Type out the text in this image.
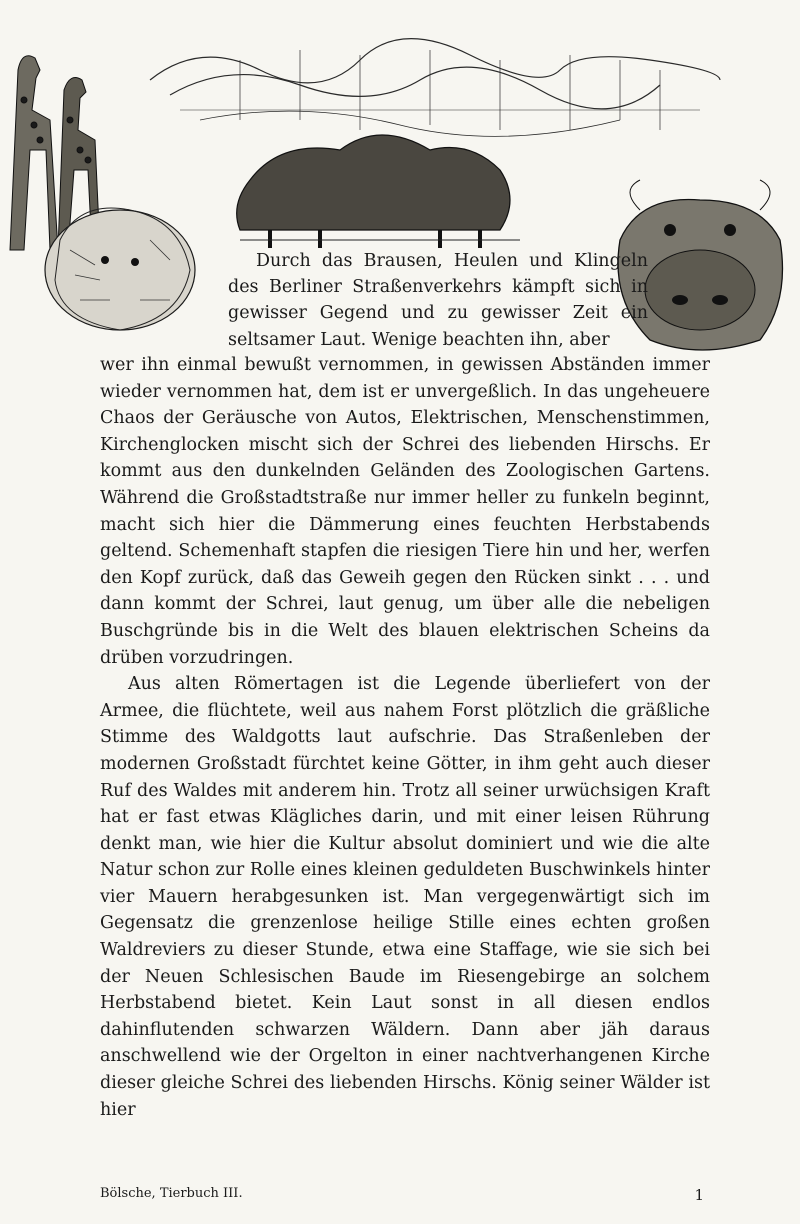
Durch das Brausen, Heulen und Klingeln des Berliner Straßenverkehrs kämpft sich in gewisser Gegend und zu gewisser Zeit ein seltsamer Laut. Wenige beachten ihn, aber

wer ihn einmal bewußt vernommen, in gewissen Abständen immer wieder vernommen hat, dem ist er unvergeßlich. In das ungeheuere Chaos der Geräusche von Autos, Elektrischen, Menschenstimmen, Kirchenglocken mischt sich der Schrei des liebenden Hirschs. Er kommt aus den dunkelnden Geländen des Zoologischen Gartens. Während die Großstadtstraße nur immer heller zu funkeln beginnt, macht sich hier die Dämmerung eines feuchten Herbstabends geltend. Schemenhaft stapfen die riesigen Tiere hin und her, werfen den Kopf zurück, daß das Geweih gegen den Rücken sinkt . . . und dann kommt der Schrei, laut genug, um über alle die nebeligen Buschgründe bis in die Welt des blauen elektrischen Scheins da drüben vorzudringen.

Aus alten Römertagen ist die Legende überliefert von der Armee, die flüchtete, weil aus nahem Forst plötzlich die gräßliche Stimme des Waldgotts laut aufschrie. Das Straßenleben der modernen Großstadt fürchtet keine Götter, in ihm geht auch dieser Ruf des Waldes mit anderem hin. Trotz all seiner urwüchsigen Kraft hat er fast etwas Klägliches darin, und mit einer leisen Rührung denkt man, wie hier die Kultur absolut dominiert und wie die alte Natur schon zur Rolle eines kleinen geduldeten Buschwinkels hinter vier Mauern herabgesunken ist. Man vergegenwärtigt sich im Gegensatz die grenzenlose heilige Stille eines echten großen Waldreviers zu dieser Stunde, etwa eine Staffage, wie sie sich bei der Neuen Schlesischen Baude im Riesengebirge an solchem Herbstabend bietet. Kein Laut sonst in all diesen endlos dahinflutenden schwarzen Wäldern. Dann aber jäh daraus anschwellend wie der Orgelton in einer nachtverhangenen Kirche dieser gleiche Schrei des liebenden Hirschs. König seiner Wälder ist hier

Bölsche, Tierbuch III.	1
